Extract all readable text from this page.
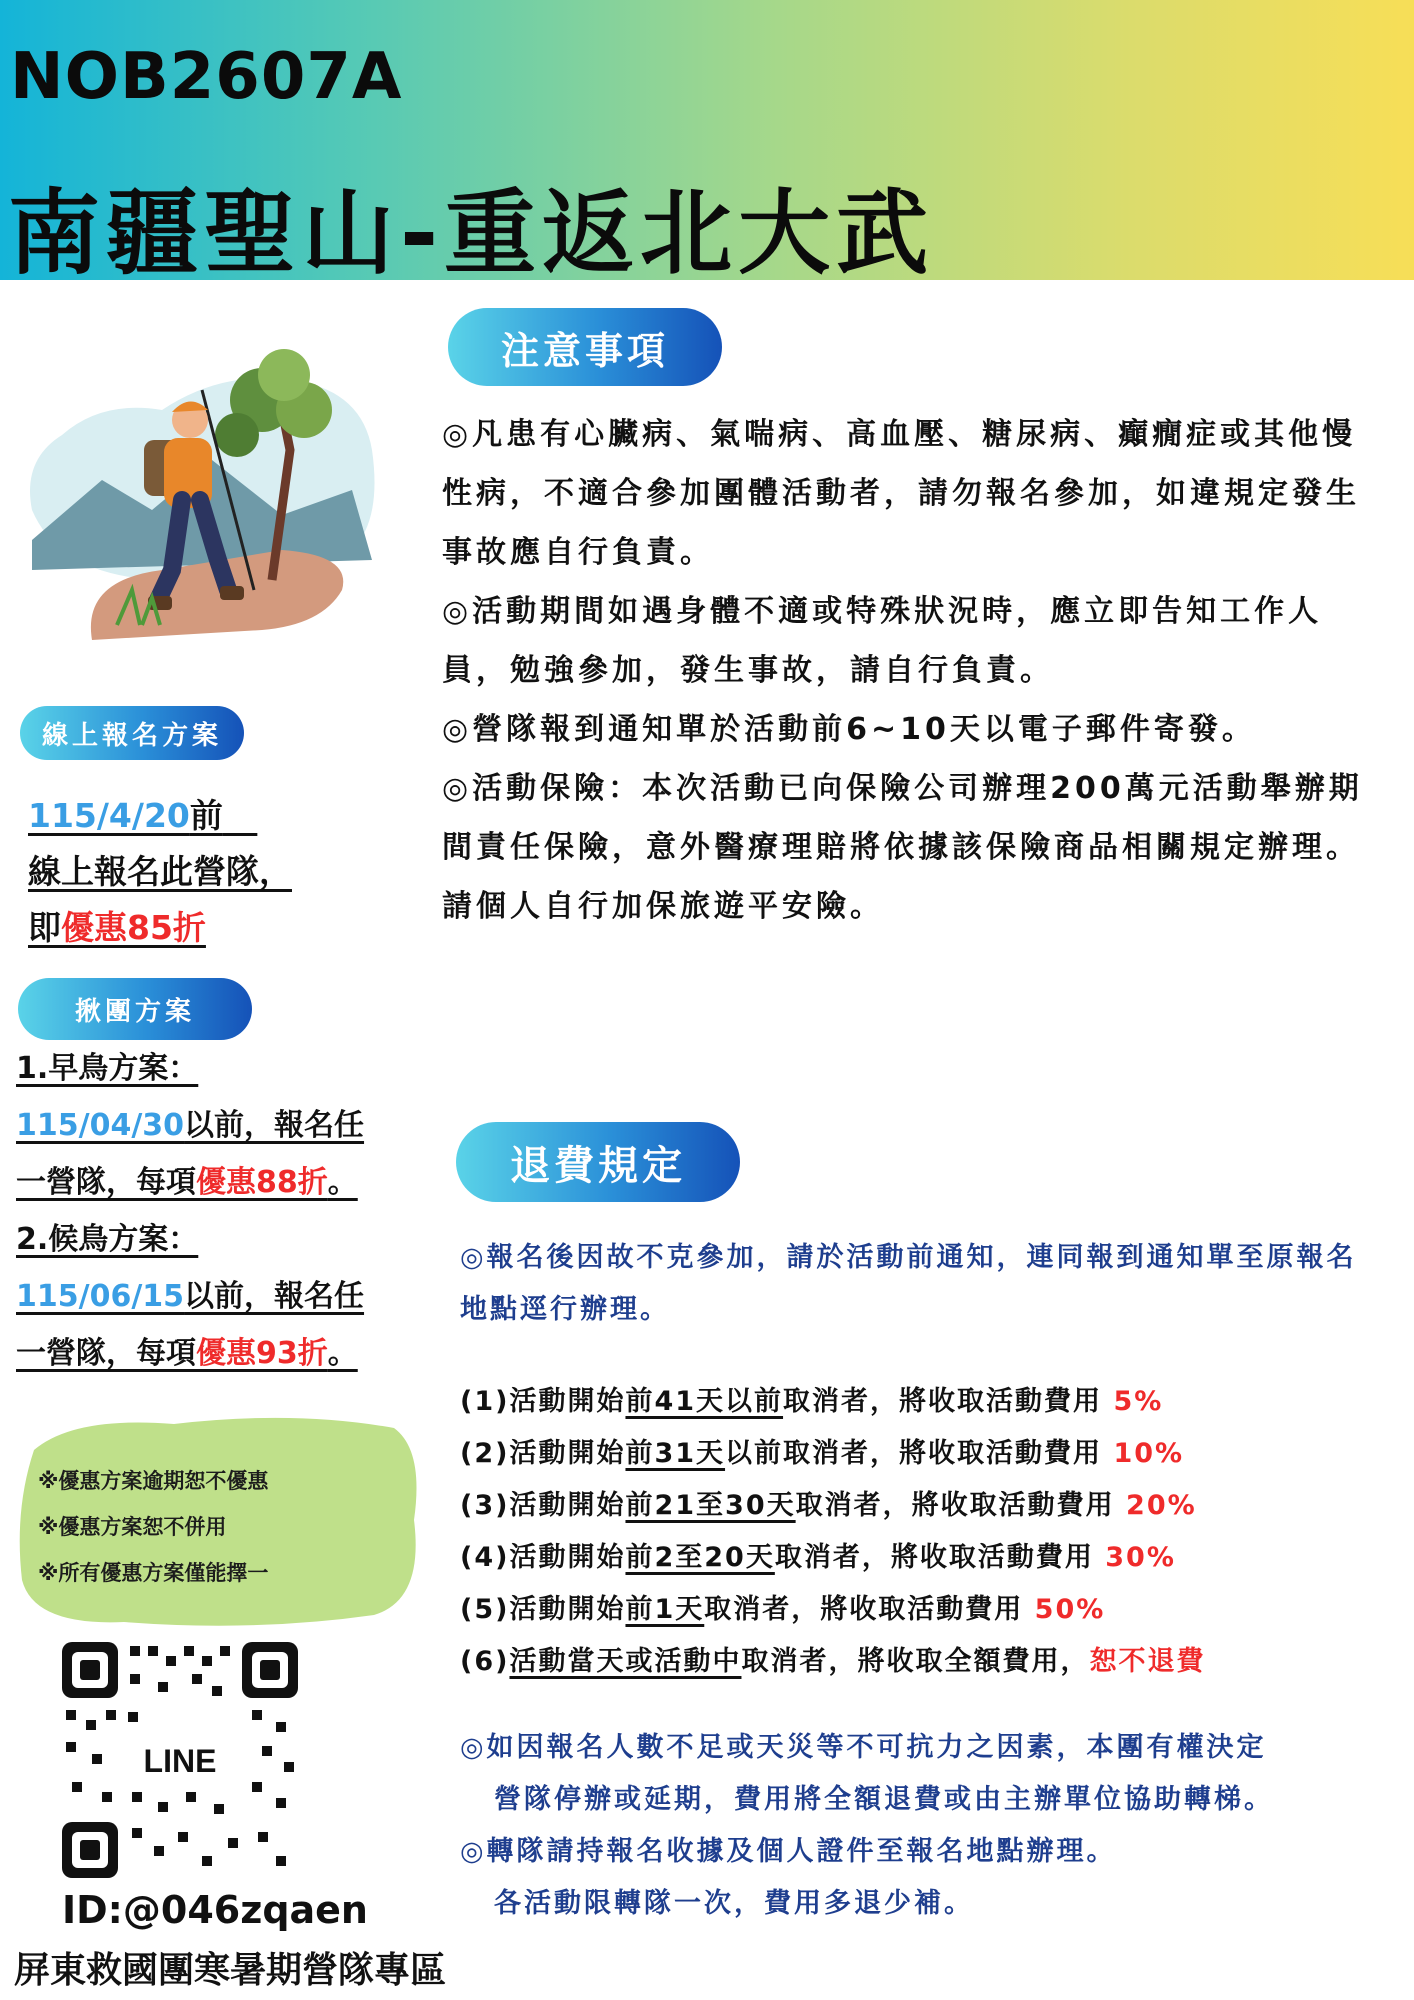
NOB2607A
南疆聖山-重返北大武
線上報名方案
115/4/20前
線上報名此營隊，
即優惠85折
揪團方案
1.早鳥方案：
115/04/30以前，報名任
一營隊，每項優惠88折。
2.候鳥方案：
115/06/15以前，報名任
一營隊，每項優惠93折。
※優惠方案逾期恕不優惠
※優惠方案恕不併用
※所有優惠方案僅能擇一
LINE
ID:@046zqaen
屏東救國團寒暑期營隊專區
注意事項
◎凡患有心臟病、氣喘病、高血壓、糖尿病、癲癇症或其他慢性病，不適合參加團體活動者，請勿報名參加，如違規定發生事故應自行負責。
◎活動期間如遇身體不適或特殊狀況時，應立即告知工作人員，勉強參加，發生事故，請自行負責。
◎營隊報到通知單於活動前6~10天以電子郵件寄發。
◎活動保險：本次活動已向保險公司辦理200萬元活動舉辦期間責任保險，意外醫療理賠將依據該保險商品相關規定辦理。
請個人自行加保旅遊平安險。
退費規定
◎報名後因故不克參加，請於活動前通知，連同報到通知單至原報名地點逕行辦理。
(1)活動開始前41天以前取消者，將收取活動費用 5%
(2)活動開始前31天以前取消者，將收取活動費用 10%
(3)活動開始前21至30天取消者，將收取活動費用 20%
(4)活動開始前2至20天取消者，將收取活動費用 30%
(5)活動開始前1天取消者，將收取活動費用 50%
(6)活動當天或活動中取消者，將收取全額費用，恕不退費
◎如因報名人數不足或天災等不可抗力之因素，本團有權決定
營隊停辦或延期，費用將全額退費或由主辦單位協助轉梯。
◎轉隊請持報名收據及個人證件至報名地點辦理。
各活動限轉隊一次，費用多退少補。
